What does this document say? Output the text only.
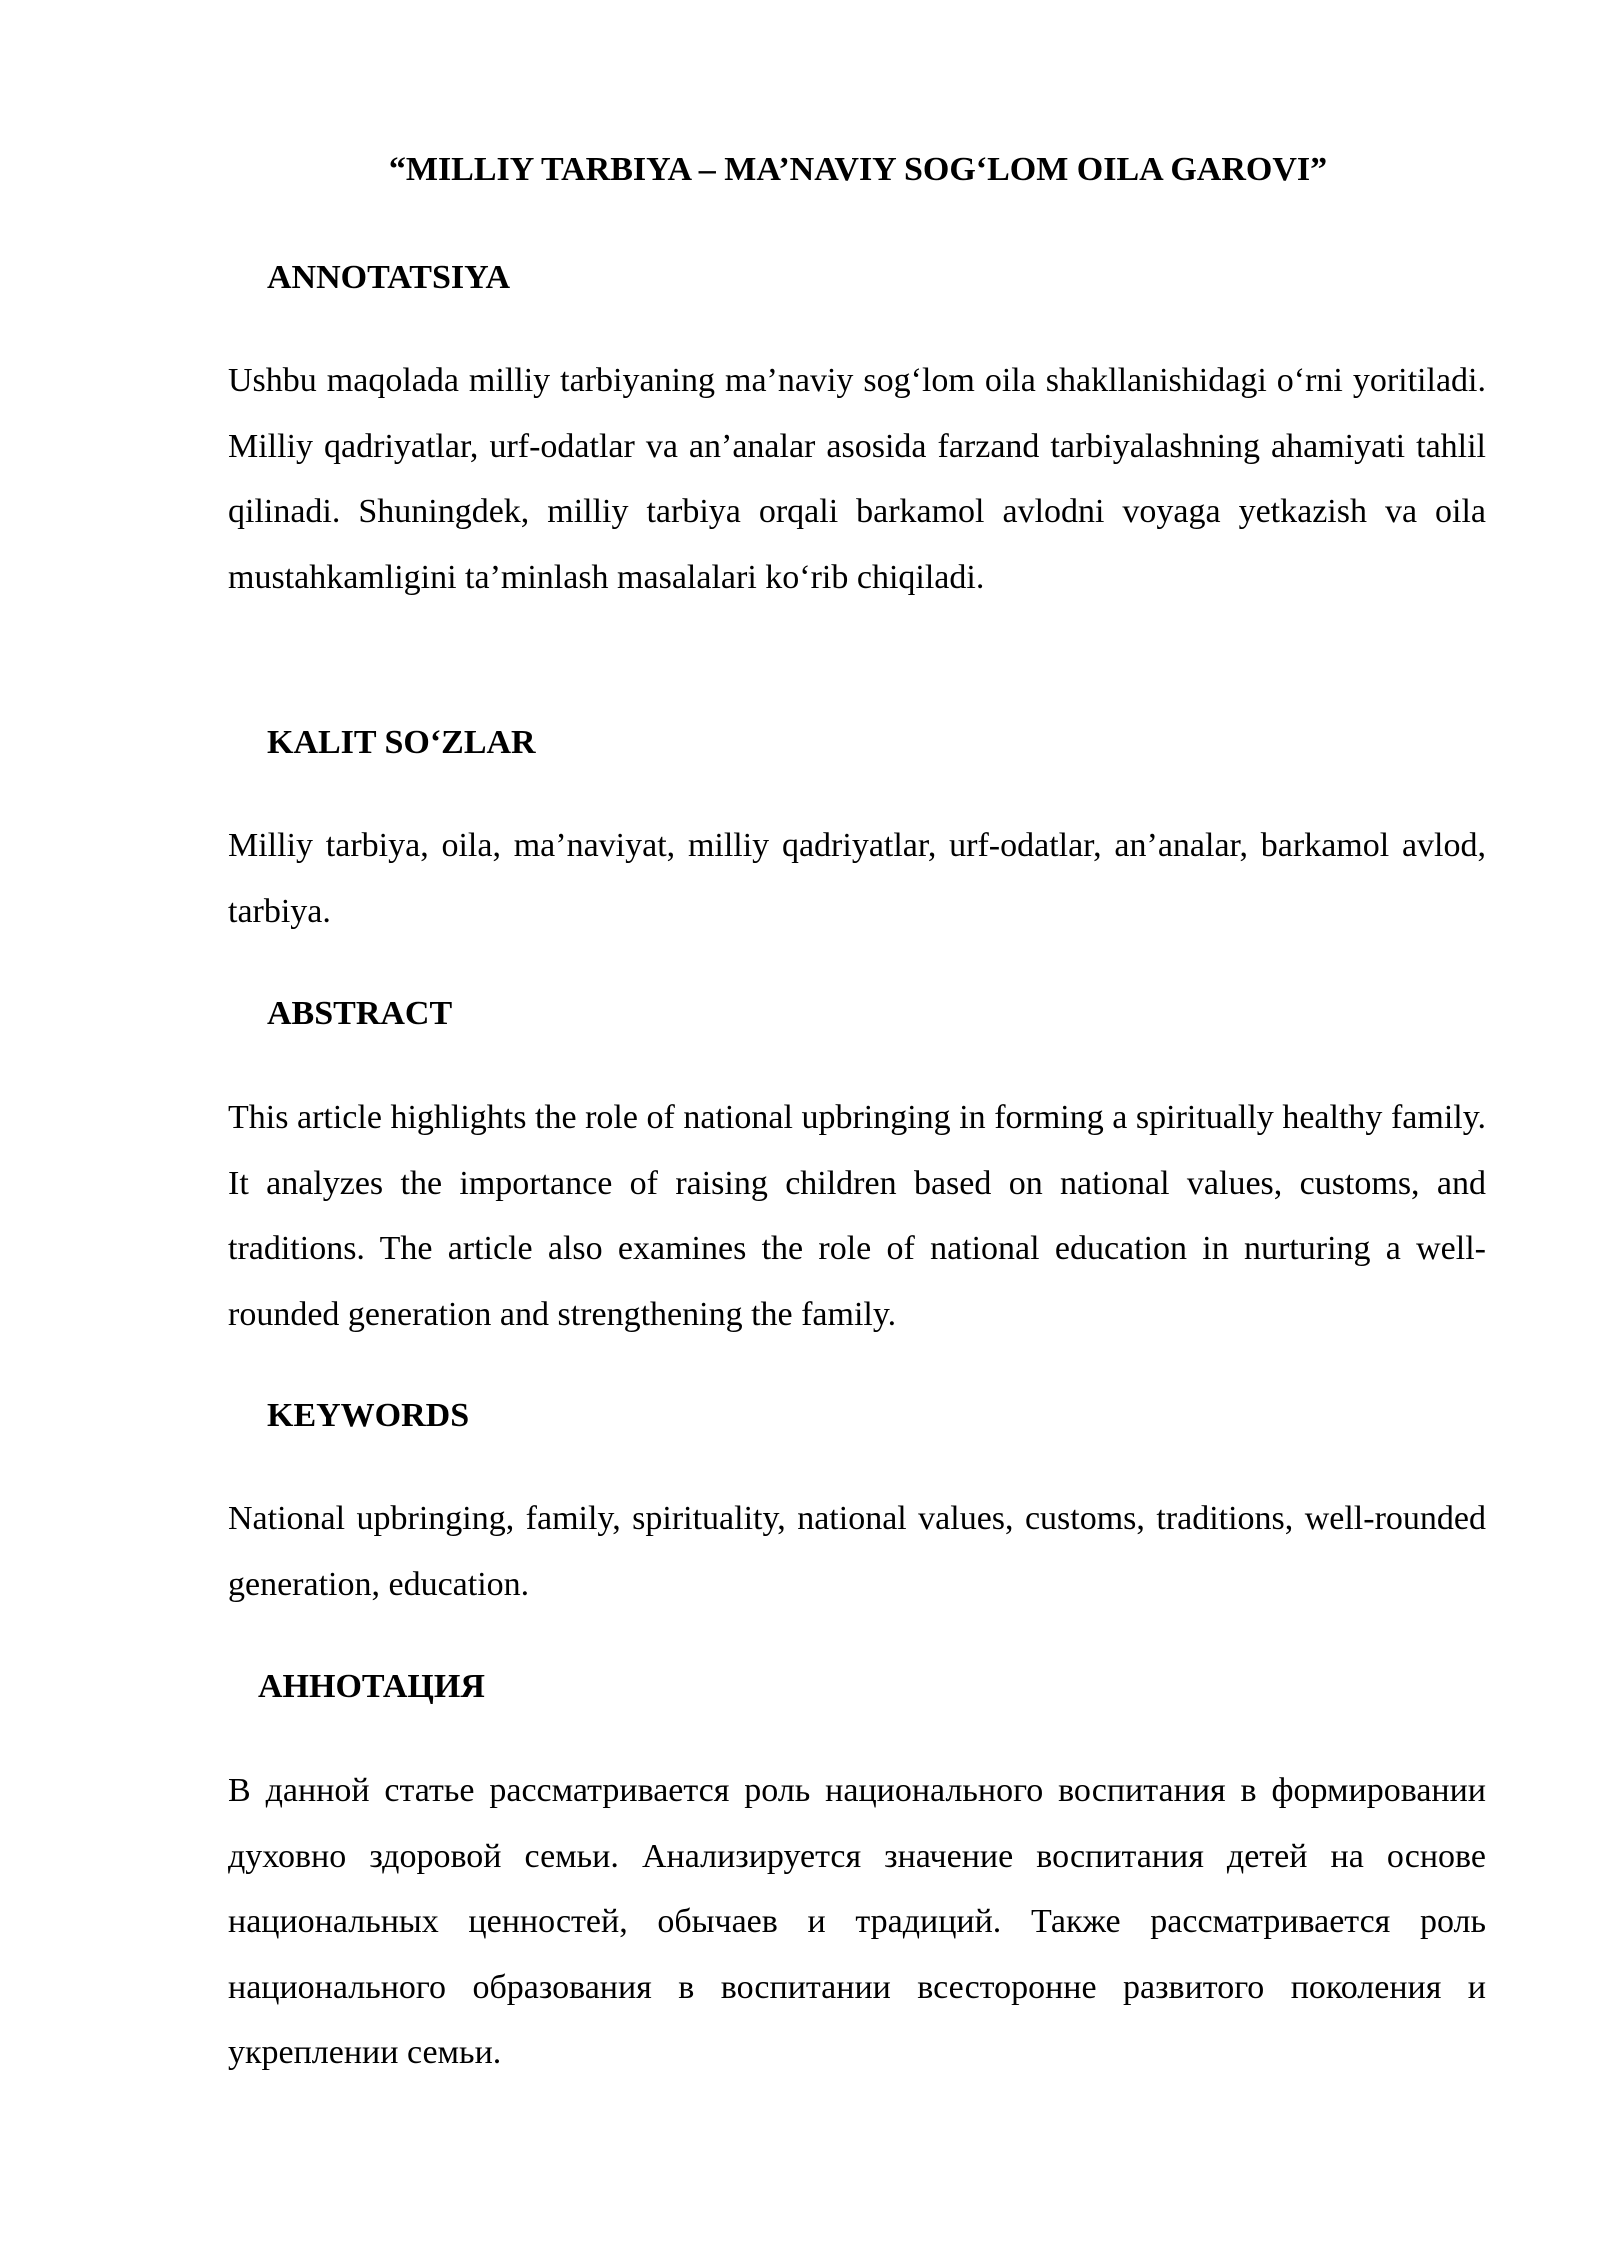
“MILLIY TARBIYA – MA’NAVIY SOG‘LOM OILA GAROVI”
ANNOTATSIYA
Ushbu maqolada milliy tarbiyaning ma’naviy sog‘lom oila shakllanishidagi o‘rni yoritiladi. Milliy qadriyatlar, urf-odatlar va an’analar asosida farzand tarbiyalashning ahamiyati tahlil qilinadi. Shuningdek, milliy tarbiya orqali barkamol avlodni voyaga yetkazish va oila mustahkamligini ta’minlash masalalari ko‘rib chiqiladi.
KALIT SO‘ZLAR
Milliy tarbiya, oila, ma’naviyat, milliy qadriyatlar, urf-odatlar, an’analar, barkamol avlod, tarbiya.
ABSTRACT
This article highlights the role of national upbringing in forming a spiritually healthy family. It analyzes the importance of raising children based on national values, customs, and traditions. The article also examines the role of national education in nurturing a well-rounded generation and strengthening the family.
KEYWORDS
National upbringing, family, spirituality, national values, customs, traditions, well-rounded generation, education.
АННОТАЦИЯ
В данной статье рассматривается роль национального воспитания в формировании духовно здоровой семьи. Анализируется значение воспитания детей на основе национальных ценностей, обычаев и традиций. Также рассматривается роль национального образования в воспитании всесторонне развитого поколения и укреплении семьи.
